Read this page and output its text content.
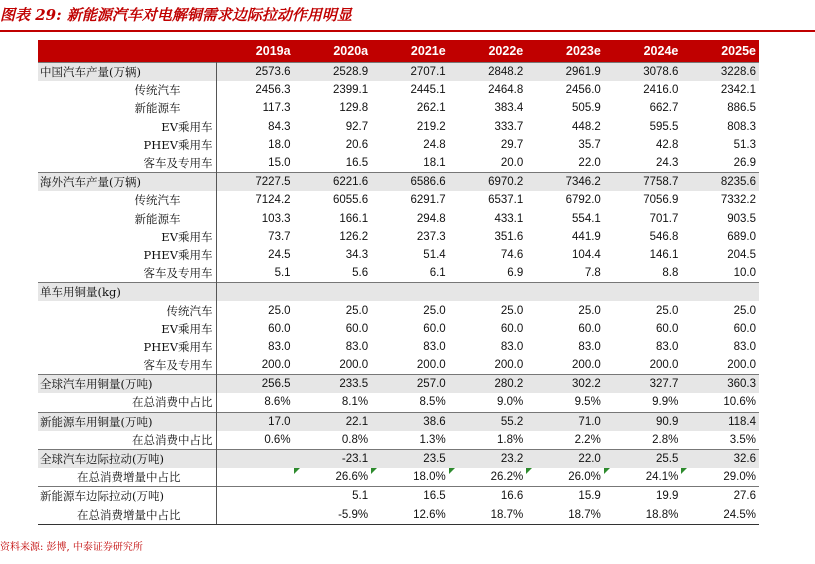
图表 29: 新能源汽车对电解铜需求边际拉动作用明显
	2019a	2020a	2021e	2022e	2023e	2024e	2025e
中国汽车产量(万辆)	2573.6	2528.9	2707.1	2848.2	2961.9	3078.6	3228.6
传统汽车	2456.3	2399.1	2445.1	2464.8	2456.0	2416.0	2342.1
新能源车	117.3	129.8	262.1	383.4	505.9	662.7	886.5
EV乘用车	84.3	92.7	219.2	333.7	448.2	595.5	808.3
PHEV乘用车	18.0	20.6	24.8	29.7	35.7	42.8	51.3
客车及专用车	15.0	16.5	18.1	20.0	22.0	24.3	26.9
海外汽车产量(万辆)	7227.5	6221.6	6586.6	6970.2	7346.2	7758.7	8235.6
传统汽车	7124.2	6055.6	6291.7	6537.1	6792.0	7056.9	7332.2
新能源车	103.3	166.1	294.8	433.1	554.1	701.7	903.5
EV乘用车	73.7	126.2	237.3	351.6	441.9	546.8	689.0
PHEV乘用车	24.5	34.3	51.4	74.6	104.4	146.1	204.5
客车及专用车	5.1	5.6	6.1	6.9	7.8	8.8	10.0
单车用铜量(kg)							
传统汽车	25.0	25.0	25.0	25.0	25.0	25.0	25.0
EV乘用车	60.0	60.0	60.0	60.0	60.0	60.0	60.0
PHEV乘用车	83.0	83.0	83.0	83.0	83.0	83.0	83.0
客车及专用车	200.0	200.0	200.0	200.0	200.0	200.0	200.0
全球汽车用铜量(万吨)	256.5	233.5	257.0	280.2	302.2	327.7	360.3
在总消费中占比	8.6%	8.1%	8.5%	9.0%	9.5%	9.9%	10.6%
新能源车用铜量(万吨)	17.0	22.1	38.6	55.2	71.0	90.9	118.4
在总消费中占比	0.6%	0.8%	1.3%	1.8%	2.2%	2.8%	3.5%
全球汽车边际拉动(万吨)		-23.1	23.5	23.2	22.0	25.5	32.6
在总消费增量中占比		26.6%	18.0%	26.2%	26.0%	24.1%	29.0%
新能源车边际拉动(万吨)		5.1	16.5	16.6	15.9	19.9	27.6
在总消费增量中占比		-5.9%	12.6%	18.7%	18.7%	18.8%	24.5%
资料来源: 彭博, 中泰证券研究所
